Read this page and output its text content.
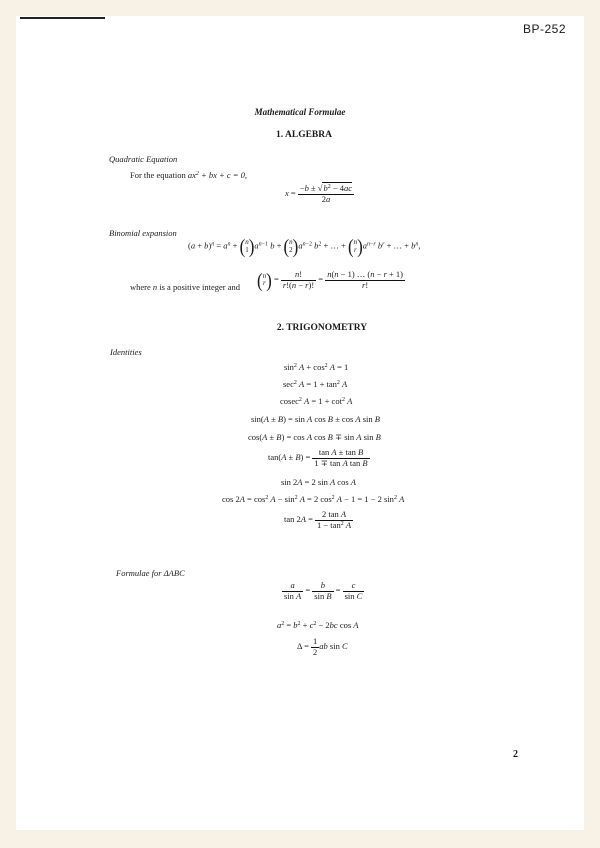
BP-252
Mathematical Formulae
1. ALGEBRA
Quadratic Equation
For the equation $ax^2$ + bx + c = 0,
$x = \frac{-b \pm √b^2 - 4ac}{2a}$
Binomial expansion
$(a + b)^n = a^n$ + ( n
1 )$a^{n-1}$ b + ( n
2 )$a^{n-2}$ $b^2$ + … + ( n
r )$a^{n-r}$ $b^r$ + … + $b^n$,
where n is a positive integer and ( n
r ) = $\frac{n!}{r!(n - r)!} = \frac{n(n - 1) \dots (n - r + 1)}{r!}$
2. TRIGONOMETRY
Identities
$\sin^2 A + \cos^2 A = 1$
$\sec^2 A = 1 + \tan^2 A$
cosec$^2$ $A = 1 + \cot^2 A$
sin(A ± B) = sin A cos B ± cos A sin B
cos(A ± B) = cos A cos B ∓ sin A sin B
$\tan(A \pm B) = \frac{\text{tan A ± tan B}}{\text{1 ∓ tan A tan B}}$
sin 2A = 2 sin A cos A
$\cos 2A = \cos^2 A - \sin^2 A = 2$ $\cos^2 A - 1 = 1 - 2$ $\sin^2 A$
$\tan 2A = \frac{\text{2 tan A}}{1 - \tan^2 A}$
Formulae for ΔABC
$\frac{a}{\text{sin A}} = \frac{b}{\text{sin B}} = \frac{c}{\text{sin C}}$
$a^2 = b^2 + c^2 - 2bc$ cos A
$\Delta = \frac{1}{2}$ ab sin C
2
